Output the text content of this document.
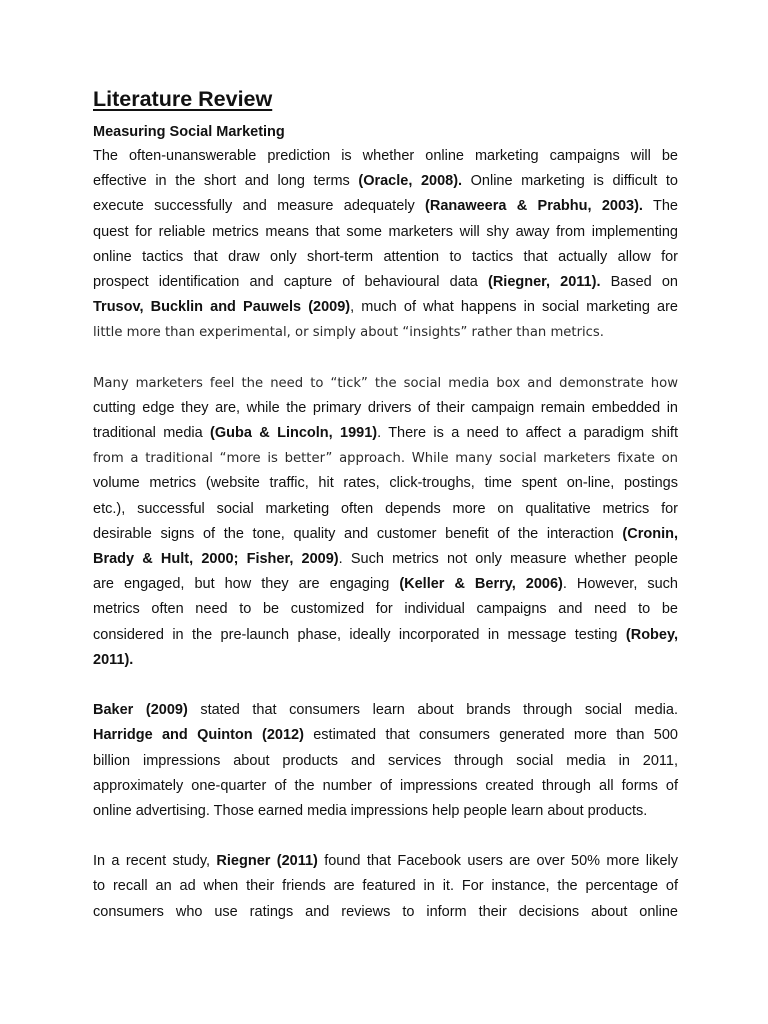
Literature Review
Measuring Social Marketing
The often-unanswerable prediction is whether online marketing campaigns will be
effective in the short and long terms (Oracle, 2008). Online marketing is difficult to
execute successfully and measure adequately (Ranaweera & Prabhu, 2003). The
quest for reliable metrics means that some marketers will shy away from implementing
online tactics that draw only short-term attention to tactics that actually allow for
prospect identification and capture of behavioural data (Riegner, 2011). Based on
Trusov, Bucklin and Pauwels (2009), much of what happens in social marketing are
little more than experimental, or simply about “insights” rather than metrics.
Many marketers feel the need to “tick” the social media box and demonstrate how
cutting edge they are, while the primary drivers of their campaign remain embedded in
traditional media (Guba & Lincoln, 1991). There is a need to affect a paradigm shift
from a traditional “more is better” approach. While many social marketers fixate on
volume metrics (website traffic, hit rates, click-troughs, time spent on-line, postings
etc.), successful social marketing often depends more on qualitative metrics for
desirable signs of the tone, quality and customer benefit of the interaction (Cronin,
Brady & Hult, 2000; Fisher, 2009). Such metrics not only measure whether people
are engaged, but how they are engaging (Keller & Berry, 2006). However, such
metrics often need to be customized for individual campaigns and need to be
considered in the pre-launch phase, ideally incorporated in message testing (Robey,
2011).
Baker (2009) stated that consumers learn about brands through social media.
Harridge and Quinton (2012) estimated that consumers generated more than 500
billion impressions about products and services through social media in 2011,
approximately one-quarter of the number of impressions created through all forms of
online advertising. Those earned media impressions help people learn about products.
In a recent study, Riegner (2011) found that Facebook users are over 50% more likely
to recall an ad when their friends are featured in it. For instance, the percentage of
consumers who use ratings and reviews to inform their decisions about online
